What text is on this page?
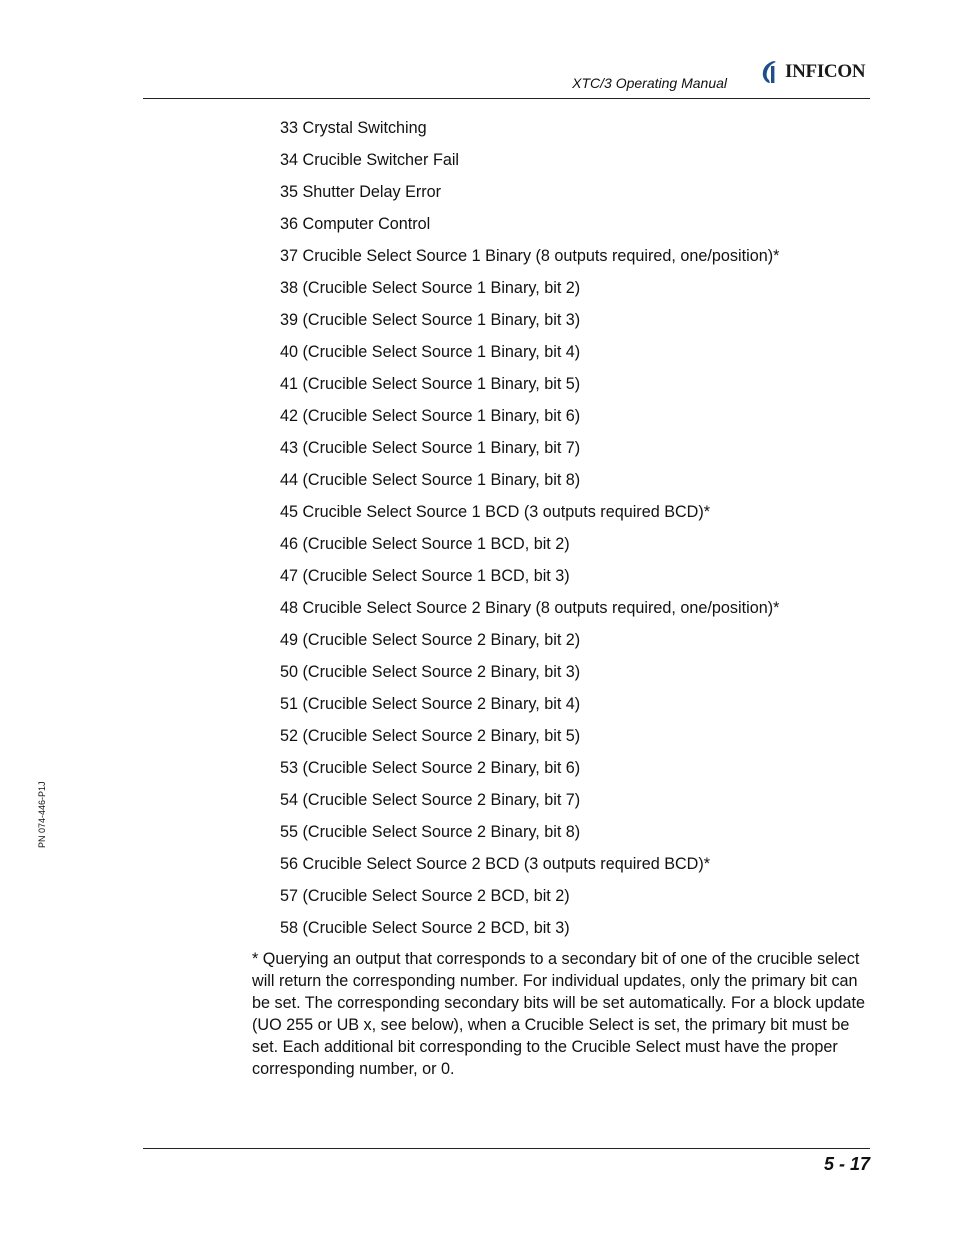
XTC/3 Operating Manual
INFICON
33 Crystal Switching
34 Crucible Switcher Fail
35 Shutter Delay Error
36 Computer Control
37 Crucible Select Source 1 Binary (8 outputs required, one/position)*
38 (Crucible Select Source 1 Binary, bit 2)
39 (Crucible Select Source 1 Binary, bit 3)
40 (Crucible Select Source 1 Binary, bit 4)
41 (Crucible Select Source 1 Binary, bit 5)
42 (Crucible Select Source 1 Binary, bit 6)
43 (Crucible Select Source 1 Binary, bit 7)
44 (Crucible Select Source 1 Binary, bit 8)
45 Crucible Select Source 1 BCD (3 outputs required BCD)*
46 (Crucible Select Source 1 BCD, bit 2)
47 (Crucible Select Source 1 BCD, bit 3)
48 Crucible Select Source 2 Binary (8 outputs required, one/position)*
49 (Crucible Select Source 2 Binary, bit 2)
50 (Crucible Select Source 2 Binary, bit 3)
51 (Crucible Select Source 2 Binary, bit 4)
52 (Crucible Select Source 2 Binary, bit 5)
53 (Crucible Select Source 2 Binary, bit 6)
54 (Crucible Select Source 2 Binary, bit 7)
55 (Crucible Select Source 2 Binary, bit 8)
56 Crucible Select Source 2 BCD (3 outputs required BCD)*
57 (Crucible Select Source 2 BCD, bit 2)
58 (Crucible Select Source 2 BCD, bit 3)

* Querying an output that corresponds to a secondary bit of one of the crucible select will return the corresponding number. For individual updates, only the primary bit can be set. The corresponding secondary bits will be set automatically. For a block update (UO 255 or UB x, see below), when a Crucible Select is set, the primary bit must be set. Each additional bit corresponding to the Crucible Select must have the proper corresponding number, or 0.

PN 074-446-P1J
5 - 17
